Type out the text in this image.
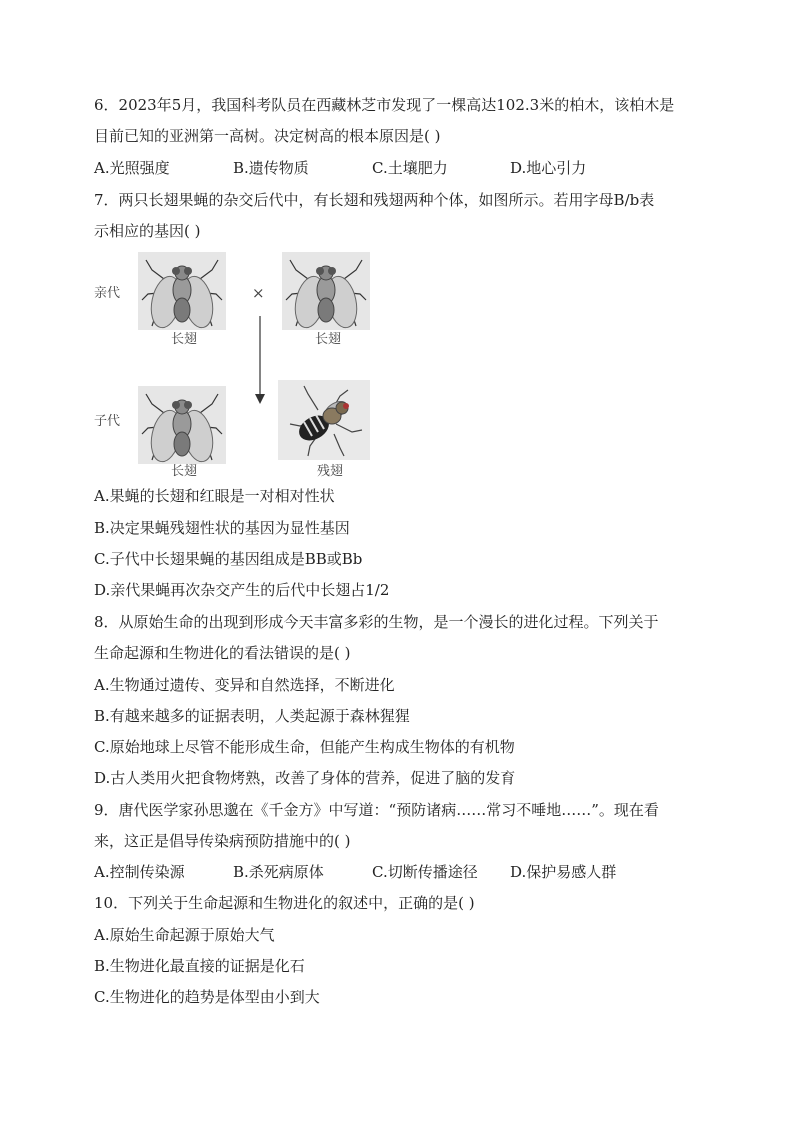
6．2023年5月，我国科考队员在西藏林芝市发现了一棵高达102.3米的柏木，该柏木是
目前已知的亚洲第一高树。决定树高的根本原因是( )
A.光照强度	B.遗传物质	C.土壤肥力	D.地心引力
7．两只长翅果蝇的杂交后代中，有长翅和残翅两种个体，如图所示。若用字母B/b表
示相应的基因( )
亲代	×
长翅	长翅
子代
长翅	残翅
A.果蝇的长翅和红眼是一对相对性状
B.决定果蝇残翅性状的基因为显性基因
C.子代中长翅果蝇的基因组成是BB或Bb
D.亲代果蝇再次杂交产生的后代中长翅占1/2
8．从原始生命的出现到形成今天丰富多彩的生物，是一个漫长的进化过程。下列关于
生命起源和生物进化的看法错误的是( )
A.生物通过遗传、变异和自然选择，不断进化
B.有越来越多的证据表明，人类起源于森林猩猩
C.原始地球上尽管不能形成生命，但能产生构成生物体的有机物
D.古人类用火把食物烤熟，改善了身体的营养，促进了脑的发育
9．唐代医学家孙思邈在《千金方》中写道：“预防诸病……常习不唾地……”。现在看
来，这正是倡导传染病预防措施中的( )
A.控制传染源	B.杀死病原体	C.切断传播途径 D.保护易感人群
10．下列关于生命起源和生物进化的叙述中，正确的是( )
A.原始生命起源于原始大气
B.生物进化最直接的证据是化石
C.生物进化的趋势是体型由小到大
